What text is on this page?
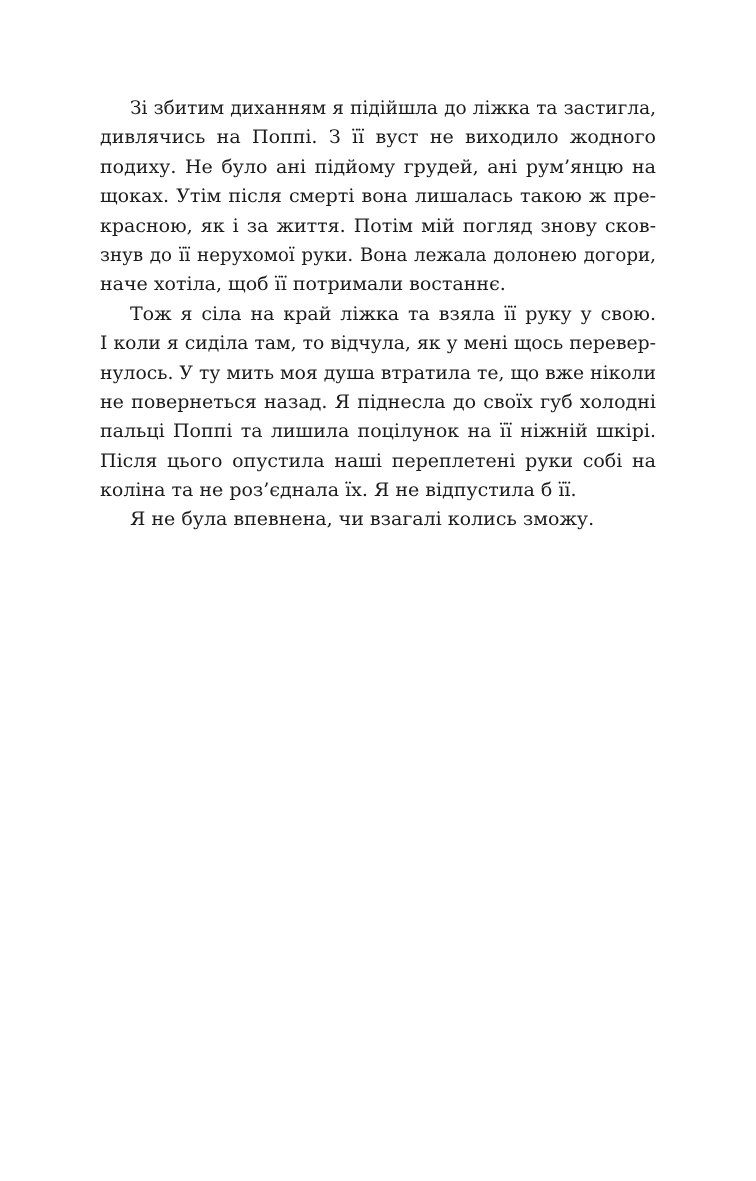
Зі збитим диханням я підійшла до ліжка та застигла,
дивлячись на Поппі. З її вуст не виходило жодного
подиху. Не було ані підйому грудей, ані рум’янцю на
щоках. Утім після смерті вона лишалась такою ж пре-
красною, як і за життя. Потім мій погляд знову сков-
знув до її нерухомої руки. Вона лежала долонею догори,
наче хотіла, щоб її потримали востаннє.
Тож я сіла на край ліжка та взяла її руку у свою.
І коли я сиділа там, то відчула, як у мені щось перевер-
нулось. У ту мить моя душа втратила те, що вже ніколи
не повернеться назад. Я піднесла до своїх губ холодні
пальці Поппі та лишила поцілунок на її ніжній шкірі.
Після цього опустила наші переплетені руки собі на
коліна та не роз’єднала їх. Я не відпустила б її.
Я не була впевнена, чи взагалі колись зможу.
